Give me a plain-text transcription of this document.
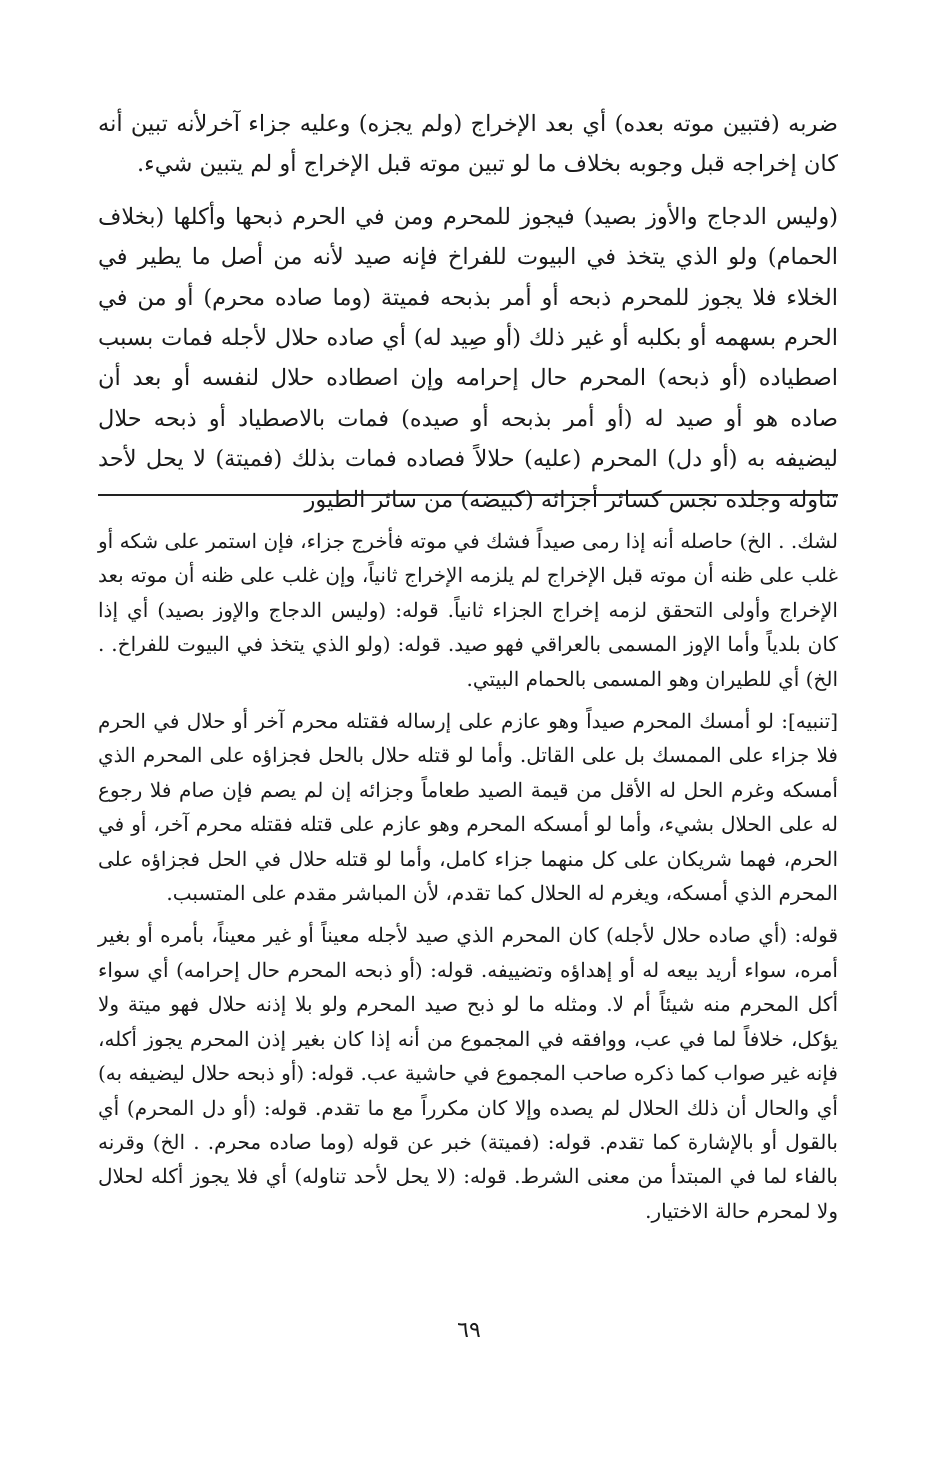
ضربه (فتبين موته بعده) أي بعد الإخراج (ولم يجزه) وعليه جزاء آخرلأنه تبين أنه كان إخراجه قبل وجوبه بخلاف ما لو تبين موته قبل الإخراج أو لم يتبين شيء.

(وليس الدجاج والأوز بصيد) فيجوز للمحرم ومن في الحرم ذبحها وأكلها (بخلاف الحمام) ولو الذي يتخذ في البيوت للفراخ فإنه صيد لأنه من أصل ما يطير في الخلاء فلا يجوز للمحرم ذبحه أو أمر بذبحه فميتة (وما صاده محرم) أو من في الحرم بسهمه أو بكلبه أو غير ذلك (أو صِيد له) أي صاده حلال لأجله فمات بسبب اصطياده (أو ذبحه) المحرم حال إحرامه وإن اصطاده حلال لنفسه أو بعد أن صاده هو أو صيد له (أو أمر بذبحه أو صيده) فمات بالاصطياد أو ذبحه حلال ليضيفه به (أو دل) المحرم (عليه) حلالاً فصاده فمات بذلك (فميتة) لا يحل لأحد تناوله وجلده نجس كسائر أجزائه (كبيضه) من سائر الطيور

لشك. . الخ) حاصله أنه إذا رمى صيداً فشك في موته فأخرج جزاء، فإن استمر على شكه أو غلب على ظنه أن موته قبل الإخراج لم يلزمه الإخراج ثانياً، وإن غلب على ظنه أن موته بعد الإخراج وأولى التحقق لزمه إخراج الجزاء ثانياً. قوله: (وليس الدجاج والإوز بصيد) أي إذا كان بلدياً وأما الإوز المسمى بالعراقي فهو صيد. قوله: (ولو الذي يتخذ في البيوت للفراخ. . الخ) أي للطيران وهو المسمى بالحمام البيتي.

[تنبيه]: لو أمسك المحرم صيداً وهو عازم على إرساله فقتله محرم آخر أو حلال في الحرم فلا جزاء على الممسك بل على القاتل. وأما لو قتله حلال بالحل فجزاؤه على المحرم الذي أمسكه وغرم الحل له الأقل من قيمة الصيد طعاماً وجزائه إن لم يصم فإن صام فلا رجوع له على الحلال بشيء، وأما لو أمسكه المحرم وهو عازم على قتله فقتله محرم آخر، أو في الحرم، فهما شريكان على كل منهما جزاء كامل، وأما لو قتله حلال في الحل فجزاؤه على المحرم الذي أمسكه، ويغرم له الحلال كما تقدم، لأن المباشر مقدم على المتسبب.

قوله: (أي صاده حلال لأجله) كان المحرم الذي صيد لأجله معيناً أو غير معيناً، بأمره أو بغير أمره، سواء أريد بيعه له أو إهداؤه وتضييفه. قوله: (أو ذبحه المحرم حال إحرامه) أي سواء أكل المحرم منه شيئاً أم لا. ومثله ما لو ذبح صيد المحرم ولو بلا إذنه حلال فهو ميتة ولا يؤكل، خلافاً لما في عب، ووافقه في المجموع من أنه إذا كان بغير إذن المحرم يجوز أكله، فإنه غير صواب كما ذكره صاحب المجموع في حاشية عب. قوله: (أو ذبحه حلال ليضيفه به) أي والحال أن ذلك الحلال لم يصده وإلا كان مكرراً مع ما تقدم. قوله: (أو دل المحرم) أي بالقول أو بالإشارة كما تقدم. قوله: (فميتة) خبر عن قوله (وما صاده محرم. . الخ) وقرنه بالفاء لما في المبتدأ من معنى الشرط. قوله: (لا يحل لأحد تناوله) أي فلا يجوز أكله لحلال ولا لمحرم حالة الاختيار.

٦٩
